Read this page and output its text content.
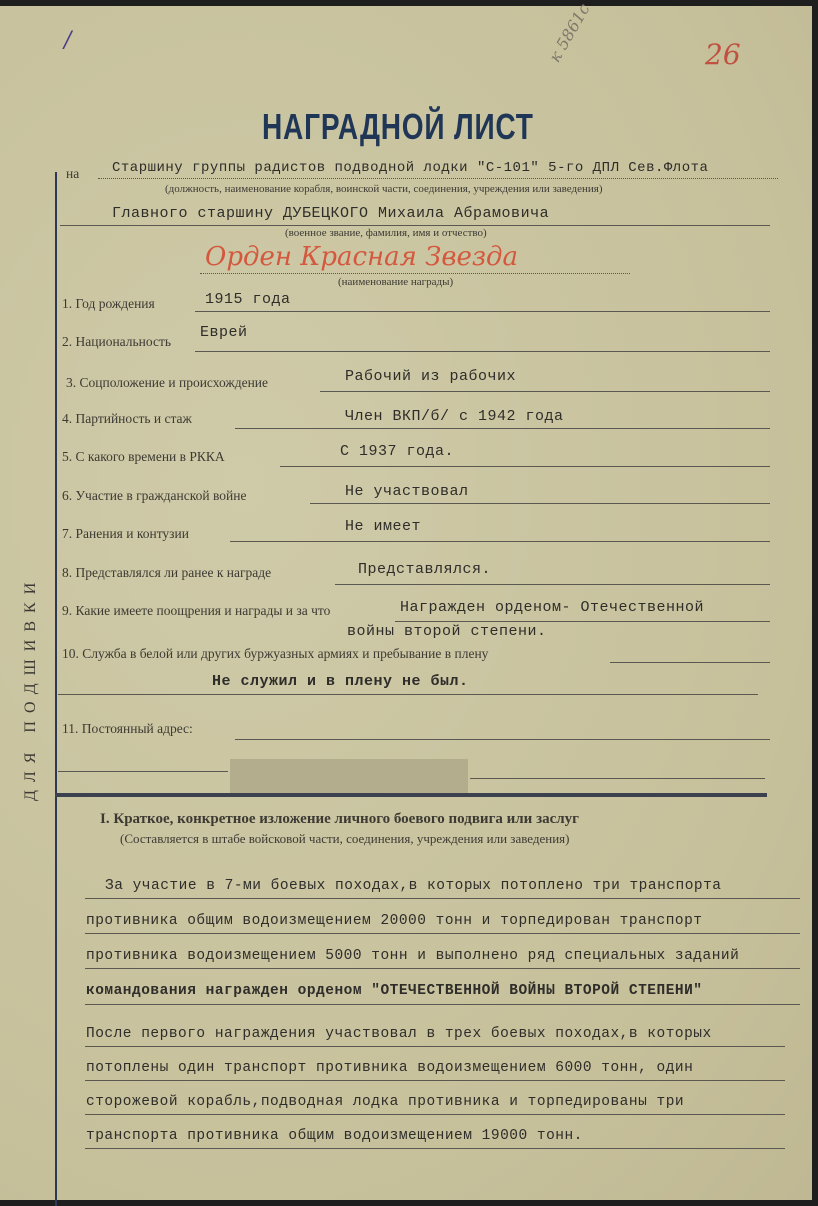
/	к 5861с	26
НАГРАДНОЙ ЛИСТ
ДЛЯ ПОДШИВКИ
на Старшину группы радистов подводной лодки "С-101" 5-го ДПЛ Сев.Флота
(должность, наименование корабля, воинской части, соединения, учреждения или заведения)
Главного старшину ДУБЕЦКОГО Михаила Абрамовича
(военное звание, фамилия, имя и отчество)
Орден Красная Звезда
(наименование награды)
1. Год рождения	1915 года
2. Национальность
Еврей
3. Соцположение и происхождение	Рабочий из рабочих
4. Партийность и стаж	Член ВКП/б/ с 1942 года
5. С какого времени в РККА	С 1937 года.
6. Участие в гражданской войне	Не участвовал
7. Ранения и контузии	Не имеет
8. Представлялся ли ранее к награде	Представлялся.
9. Какие имеете поощрения и награды и за что	Награжден орденом- Отечественной
войны второй степени.
10. Служба в белой или других буржуазных армиях и пребывание в плену
Не служил и в плену не был.
11. Постоянный адрес:
I. Краткое, конкретное изложение личного боевого подвига или заслуг
(Составляется в штабе войсковой части, соединения, учреждения или заведения)
За участие в 7-ми боевых походах,в которых потоплено три транспорта
противника общим водоизмещением 20000 тонн и торпедирован транспорт
противника водоизмещением 5000 тонн и выполнено ряд специальных заданий
командования награжден орденом "ОТЕЧЕСТВЕННОЙ ВОЙНЫ ВТОРОЙ СТЕПЕНИ"
После первого награждения участвовал в трех боевых походах,в которых
потоплены один транспорт противника водоизмещением 6000 тонн, один
сторожевой корабль,подводная лодка противника и торпедированы три
транспорта противника общим водоизмещением 19000 тонн.
